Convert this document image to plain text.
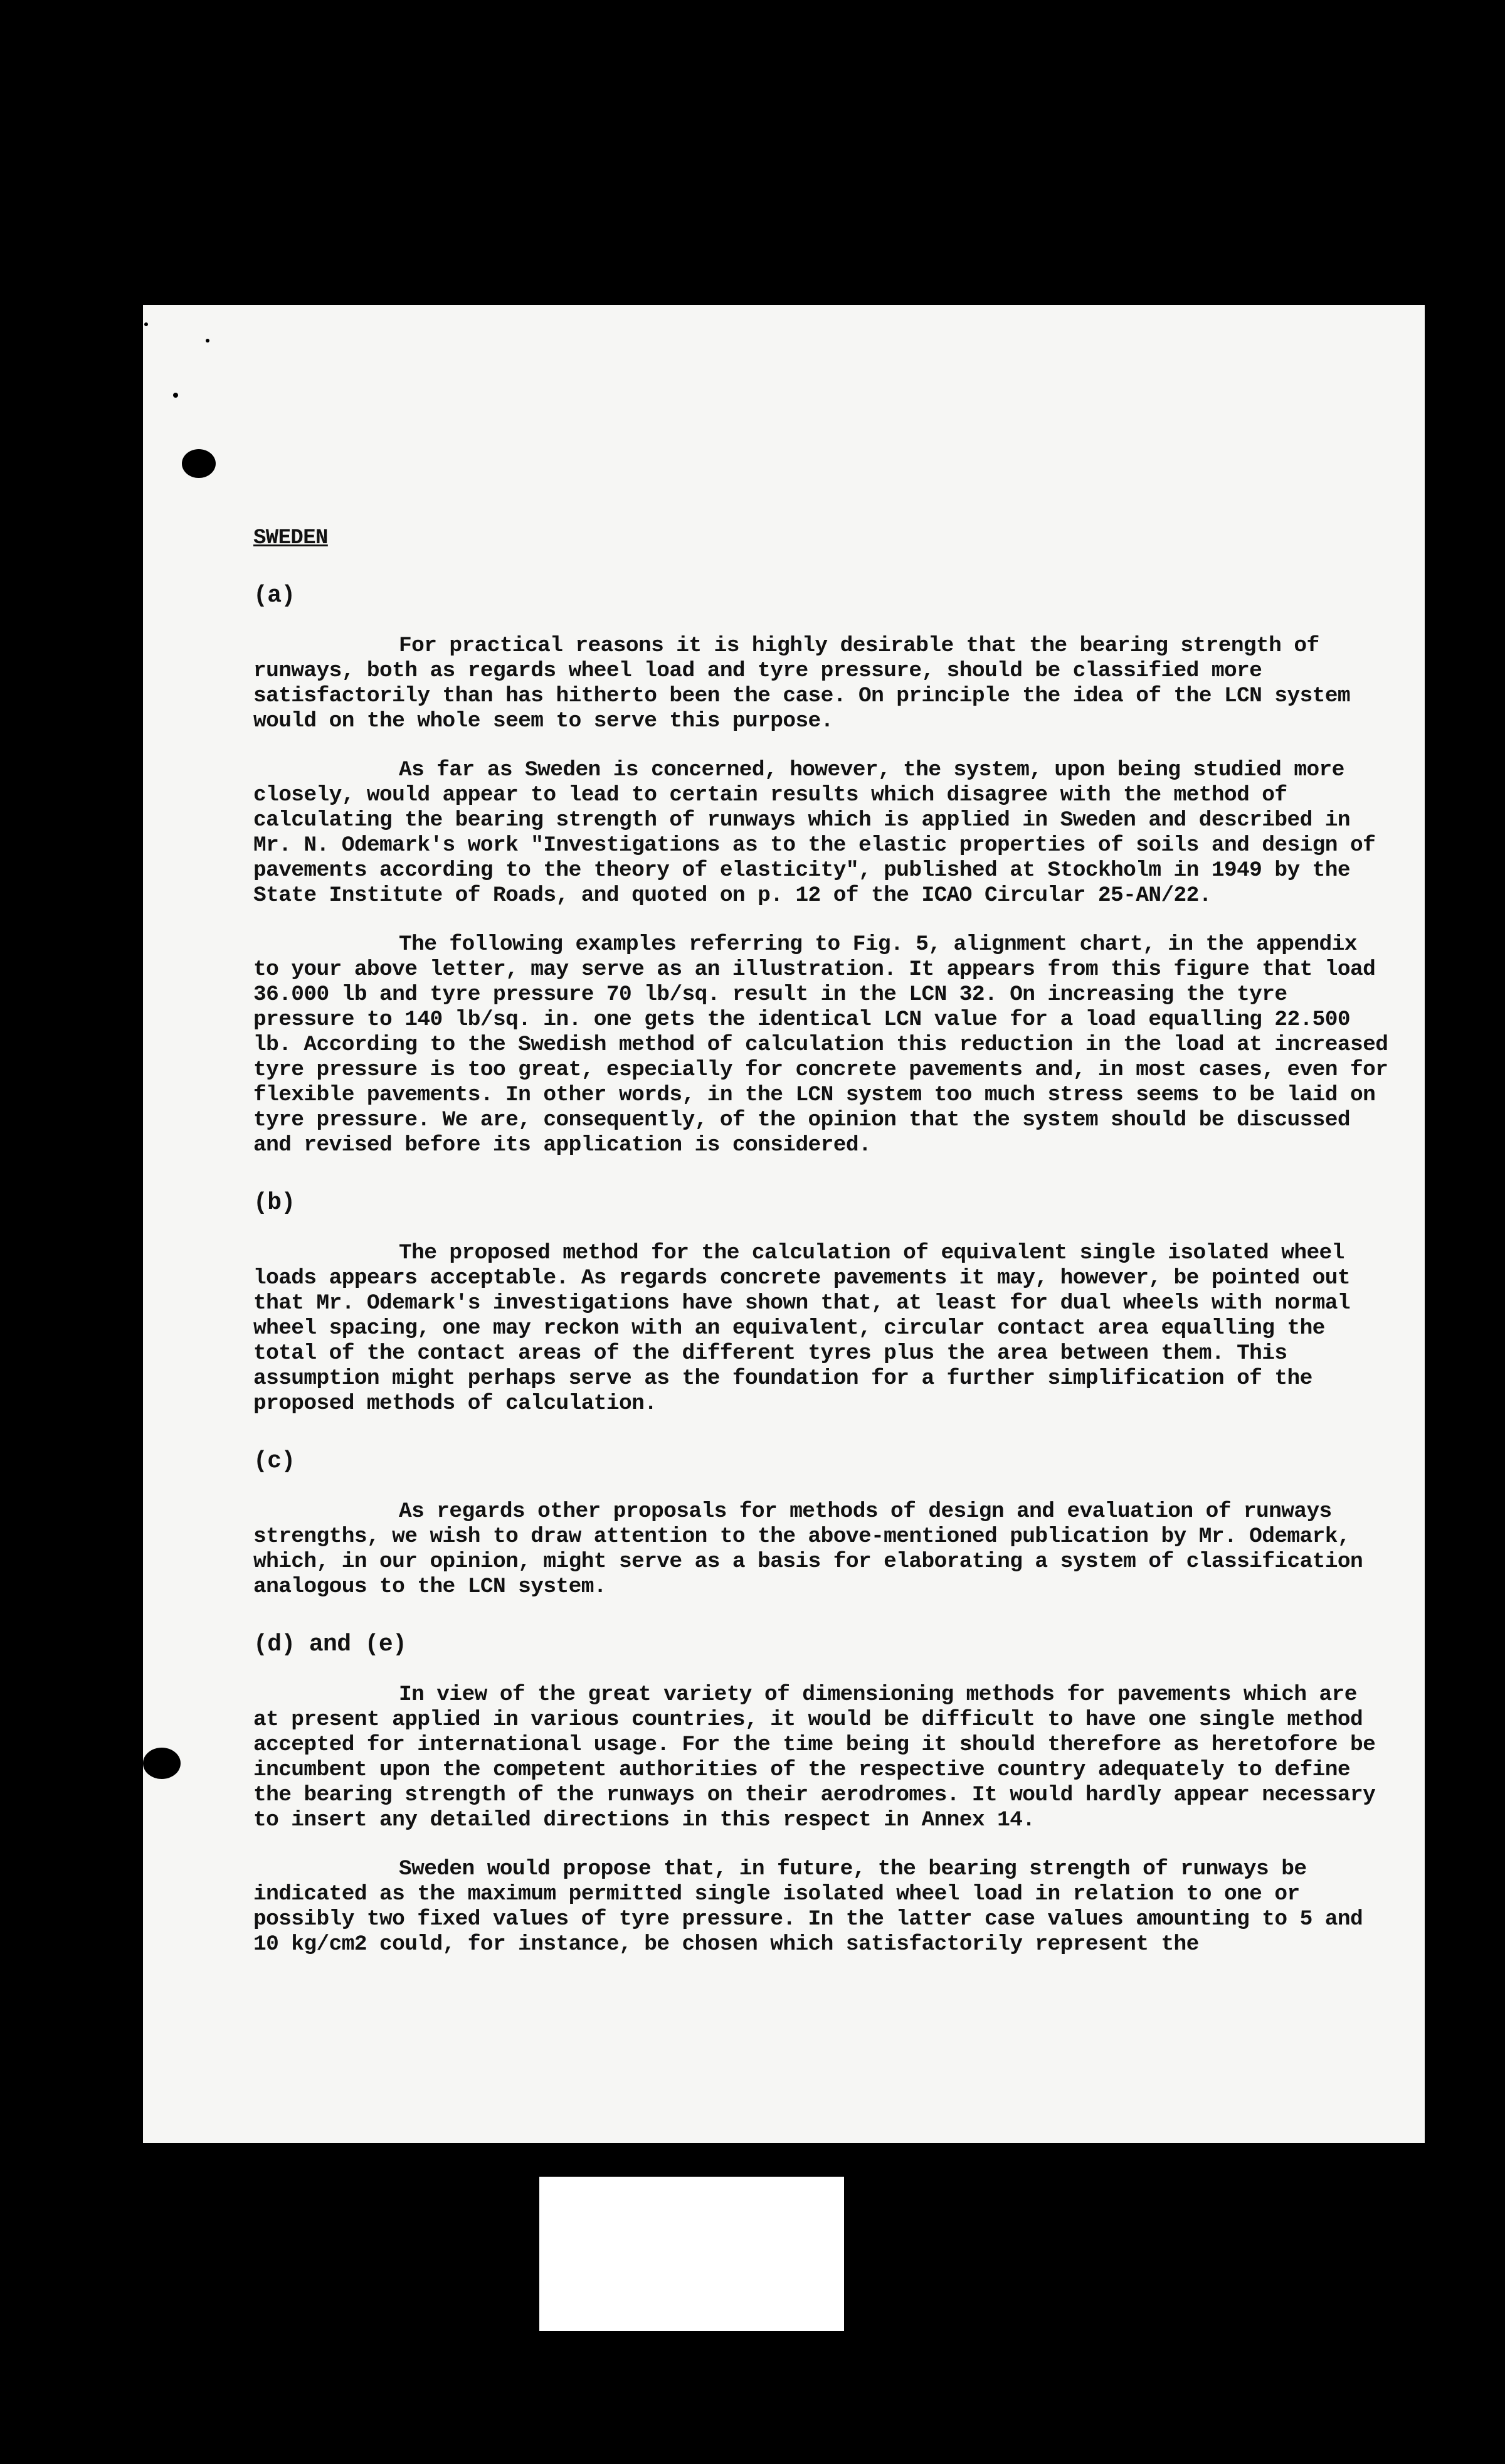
SWEDEN

(a)

For practical reasons it is highly desirable that the bearing strength of runways, both as regards wheel load and tyre pressure, should be classified more satisfactorily than has hitherto been the case. On principle the idea of the LCN system would on the whole seem to serve this purpose.

As far as Sweden is concerned, however, the system, upon being studied more closely, would appear to lead to certain results which disagree with the method of calculating the bearing strength of runways which is applied in Sweden and described in Mr. N. Odemark's work "Investigations as to the elastic properties of soils and design of pavements according to the theory of elasticity", published at Stockholm in 1949 by the State Institute of Roads, and quoted on p. 12 of the ICAO Circular 25-AN/22.

The following examples referring to Fig. 5, alignment chart, in the appendix to your above letter, may serve as an illustration. It appears from this figure that load 36.000 lb and tyre pressure 70 lb/sq. result in the LCN 32. On increasing the tyre pressure to 140 lb/sq. in. one gets the identical LCN value for a load equalling 22.500 lb. According to the Swedish method of calculation this reduction in the load at increased tyre pressure is too great, especially for concrete pavements and, in most cases, even for flexible pavements. In other words, in the LCN system too much stress seems to be laid on tyre pressure. We are, consequently, of the opinion that the system should be discussed and revised before its application is considered.

(b)

The proposed method for the calculation of equivalent single isolated wheel loads appears acceptable. As regards concrete pavements it may, however, be pointed out that Mr. Odemark's investigations have shown that, at least for dual wheels with normal wheel spacing, one may reckon with an equivalent, circular contact area equalling the total of the contact areas of the different tyres plus the area between them. This assumption might perhaps serve as the foundation for a further simplification of the proposed methods of calculation.

(c)

As regards other proposals for methods of design and evaluation of runways strengths, we wish to draw attention to the above-mentioned publication by Mr. Odemark, which, in our opinion, might serve as a basis for elaborating a system of classification analogous to the LCN system.

(d) and (e)

In view of the great variety of dimensioning methods for pavements which are at present applied in various countries, it would be difficult to have one single method accepted for international usage. For the time being it should therefore as heretofore be incumbent upon the competent authorities of the respective country adequately to define the bearing strength of the runways on their aerodromes. It would hardly appear necessary to insert any detailed directions in this respect in Annex 14.

Sweden would propose that, in future, the bearing strength of runways be indicated as the maximum permitted single isolated wheel load in relation to one or possibly two fixed values of tyre pressure. In the latter case values amounting to 5 and 10 kg/cm2 could, for instance, be chosen which satisfactorily represent the
